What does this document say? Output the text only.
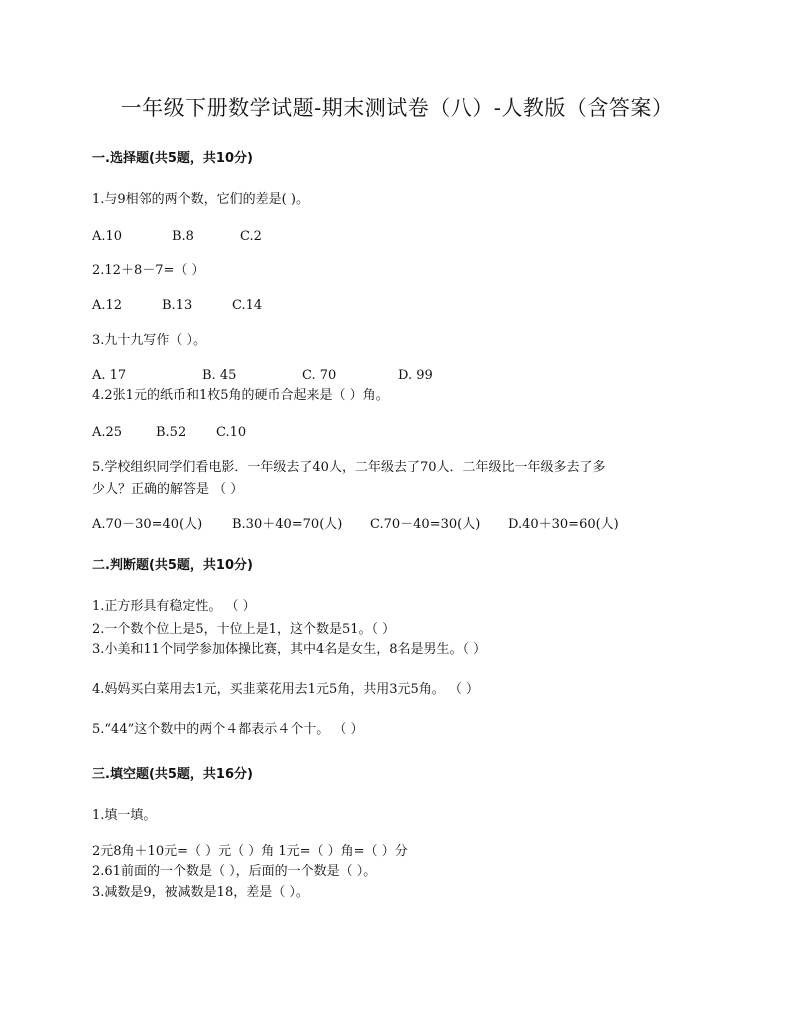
一年级下册数学试题-期末测试卷（八）-人教版（含答案）
一.选择题(共5题，共10分)
1.与9相邻的两个数，它们的差是( )。
A.10	B.8	C.2
2.12＋8－7=（ ）
A.12	B.13	C.14
3.九十九写作（ ）。
A. 17	B. 45	C. 70	D. 99
4.2张1元的纸币和1枚5角的硬币合起来是（ ）角。
A.25	B.52 C.10
5.学校组织同学们看电影．一年级去了40人，二年级去了70人．二年级比一年级多去了多
少人？正确的解答是 （ ）
A.70－30=40(人) B.30＋40=70(人) C.70－40=30(人) D.40＋30=60(人)
二.判断题(共5题，共10分)
1.正方形具有稳定性。 （ ）
2.一个数个位上是5，十位上是1，这个数是51。（ ）
3.小美和11个同学参加体操比赛，其中4名是女生，8名是男生。（ ）
4.妈妈买白菜用去1元，买韭菜花用去1元5角，共用3元5角。 （ ）
5.“44”这个数中的两个４都表示４个十。 （ ）
三.填空题(共5题，共16分)
1.填一填。
2元8角＋10元=（ ）元（ ）角 1元=（ ）角=（ ）分
2.61前面的一个数是（ ），后面的一个数是（ ）。
3.减数是9，被减数是18，差是（ ）。
